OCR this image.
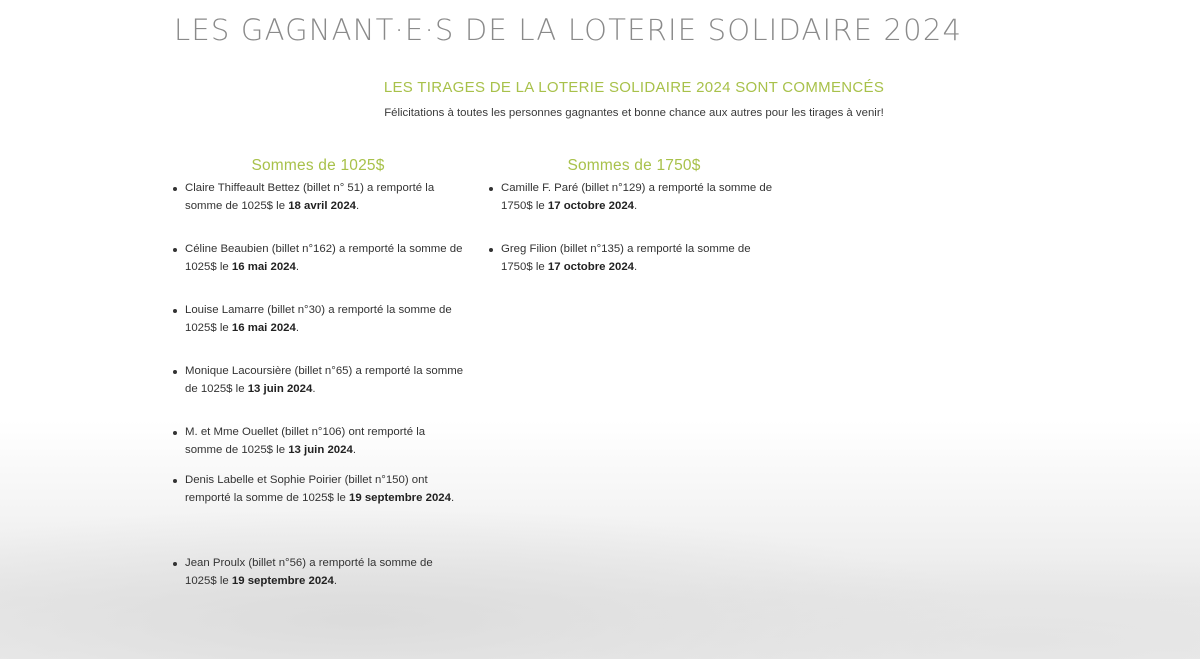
LES GAGNANT·E·S DE LA LOTERIE SOLIDAIRE 2024
LES TIRAGES DE LA LOTERIE SOLIDAIRE 2024 SONT COMMENCÉS

Félicitations à toutes les personnes gagnantes et bonne chance aux autres pour les tirages à venir!

Sommes de 1025$
Claire Thiffeault Bettez (billet n° 51) a remporté la somme de 1025$ le 18 avril 2024.
Céline Beaubien (billet n°162) a remporté la somme de 1025$ le 16 mai 2024.
Louise Lamarre (billet n°30) a remporté la somme de 1025$ le 16 mai 2024.
Monique Lacoursière (billet n°65) a remporté la somme de 1025$ le 13 juin 2024.
M. et Mme Ouellet (billet n°106) ont remporté la somme de 1025$ le 13 juin 2024.
Denis Labelle et Sophie Poirier (billet n°150) ont remporté la somme de 1025$ le 19 septembre 2024.
Jean Proulx (billet n°56) a remporté la somme de 1025$ le 19 septembre 2024.
Sommes de 1750$
Camille F. Paré (billet n°129) a remporté la somme de 1750$ le 17 octobre 2024.
Greg Filion (billet n°135) a remporté la somme de 1750$ le 17 octobre 2024.
